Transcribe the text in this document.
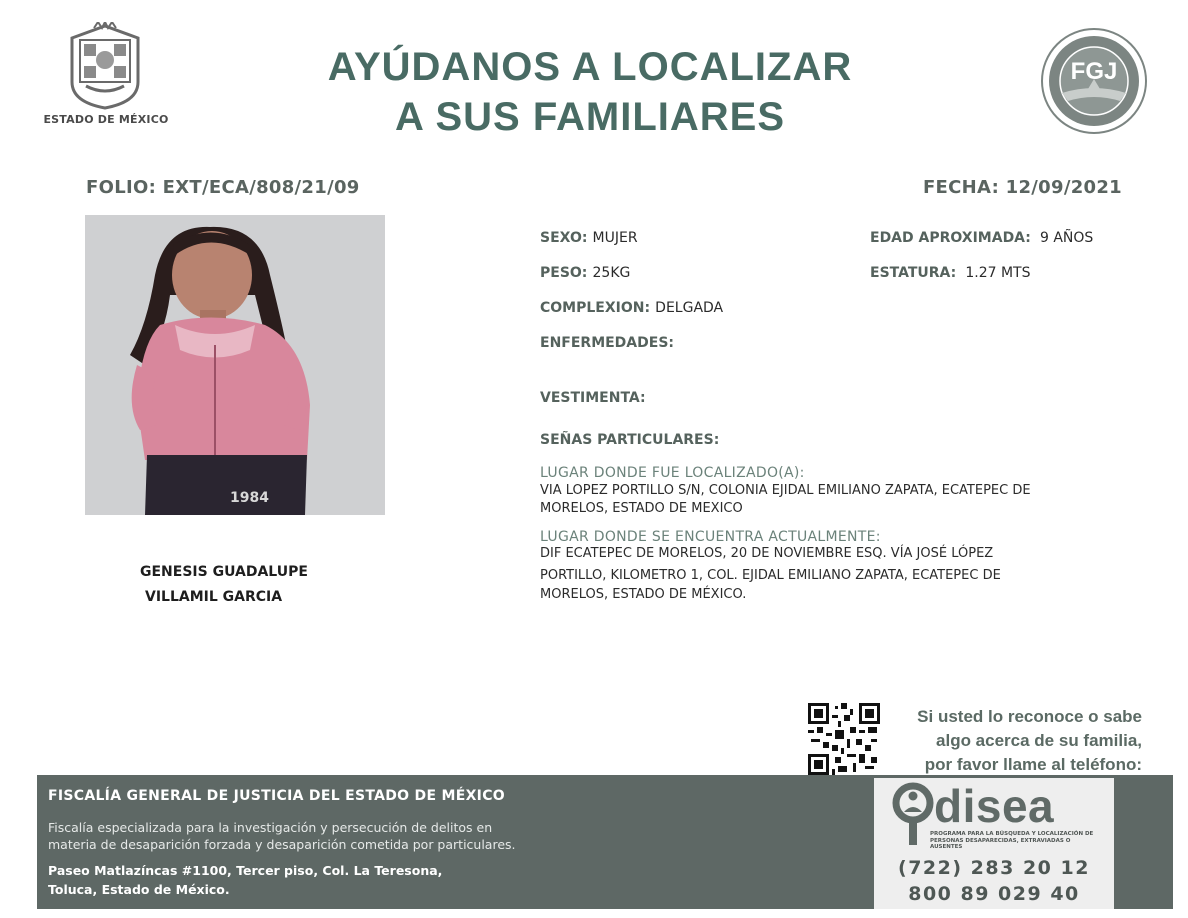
ESTADO DE MÉXICO
AYÚDANOS A LOCALIZAR
A SUS FAMILIARES
FGJ
FOLIO: EXT/ECA/808/21/09	FECHA: 12/09/2021
1984
GENESIS GUADALUPE
VILLAMIL GARCIA
SEXO: MUJER	EDAD APROXIMADA: 9 AÑOS
PESO: 25KG	ESTATURA: 1.27 MTS
COMPLEXION: DELGADA
ENFERMEDADES:
VESTIMENTA:
SEÑAS PARTICULARES:
LUGAR DONDE FUE LOCALIZADO(A):
VIA LOPEZ PORTILLO S/N, COLONIA EJIDAL EMILIANO ZAPATA, ECATEPEC DE
MORELOS, ESTADO DE MEXICO
LUGAR DONDE SE ENCUENTRA ACTUALMENTE:
DIF ECATEPEC DE MORELOS, 20 DE NOVIEMBRE ESQ. VÍA JOSÉ LÓPEZ
PORTILLO, KILOMETRO 1, COL. EJIDAL EMILIANO ZAPATA, ECATEPEC DE
MORELOS, ESTADO DE MÉXICO.
Si usted lo reconoce o sabe
algo acerca de su familia,
por favor llame al teléfono:
FISCALÍA GENERAL DE JUSTICIA DEL ESTADO DE MÉXICO
Fiscalía especializada para la investigación y persecución de delitos en
materia de desaparición forzada y desaparición cometida por particulares.
Paseo Matlazíncas #1100, Tercer piso, Col. La Teresona,
Toluca, Estado de México.
disea
PROGRAMA PARA LA BÚSQUEDA Y LOCALIZACIÓN DE PERSONAS DESAPARECIDAS, EXTRAVIADAS O AUSENTES
(722) 283 20 12
800 89 029 40
